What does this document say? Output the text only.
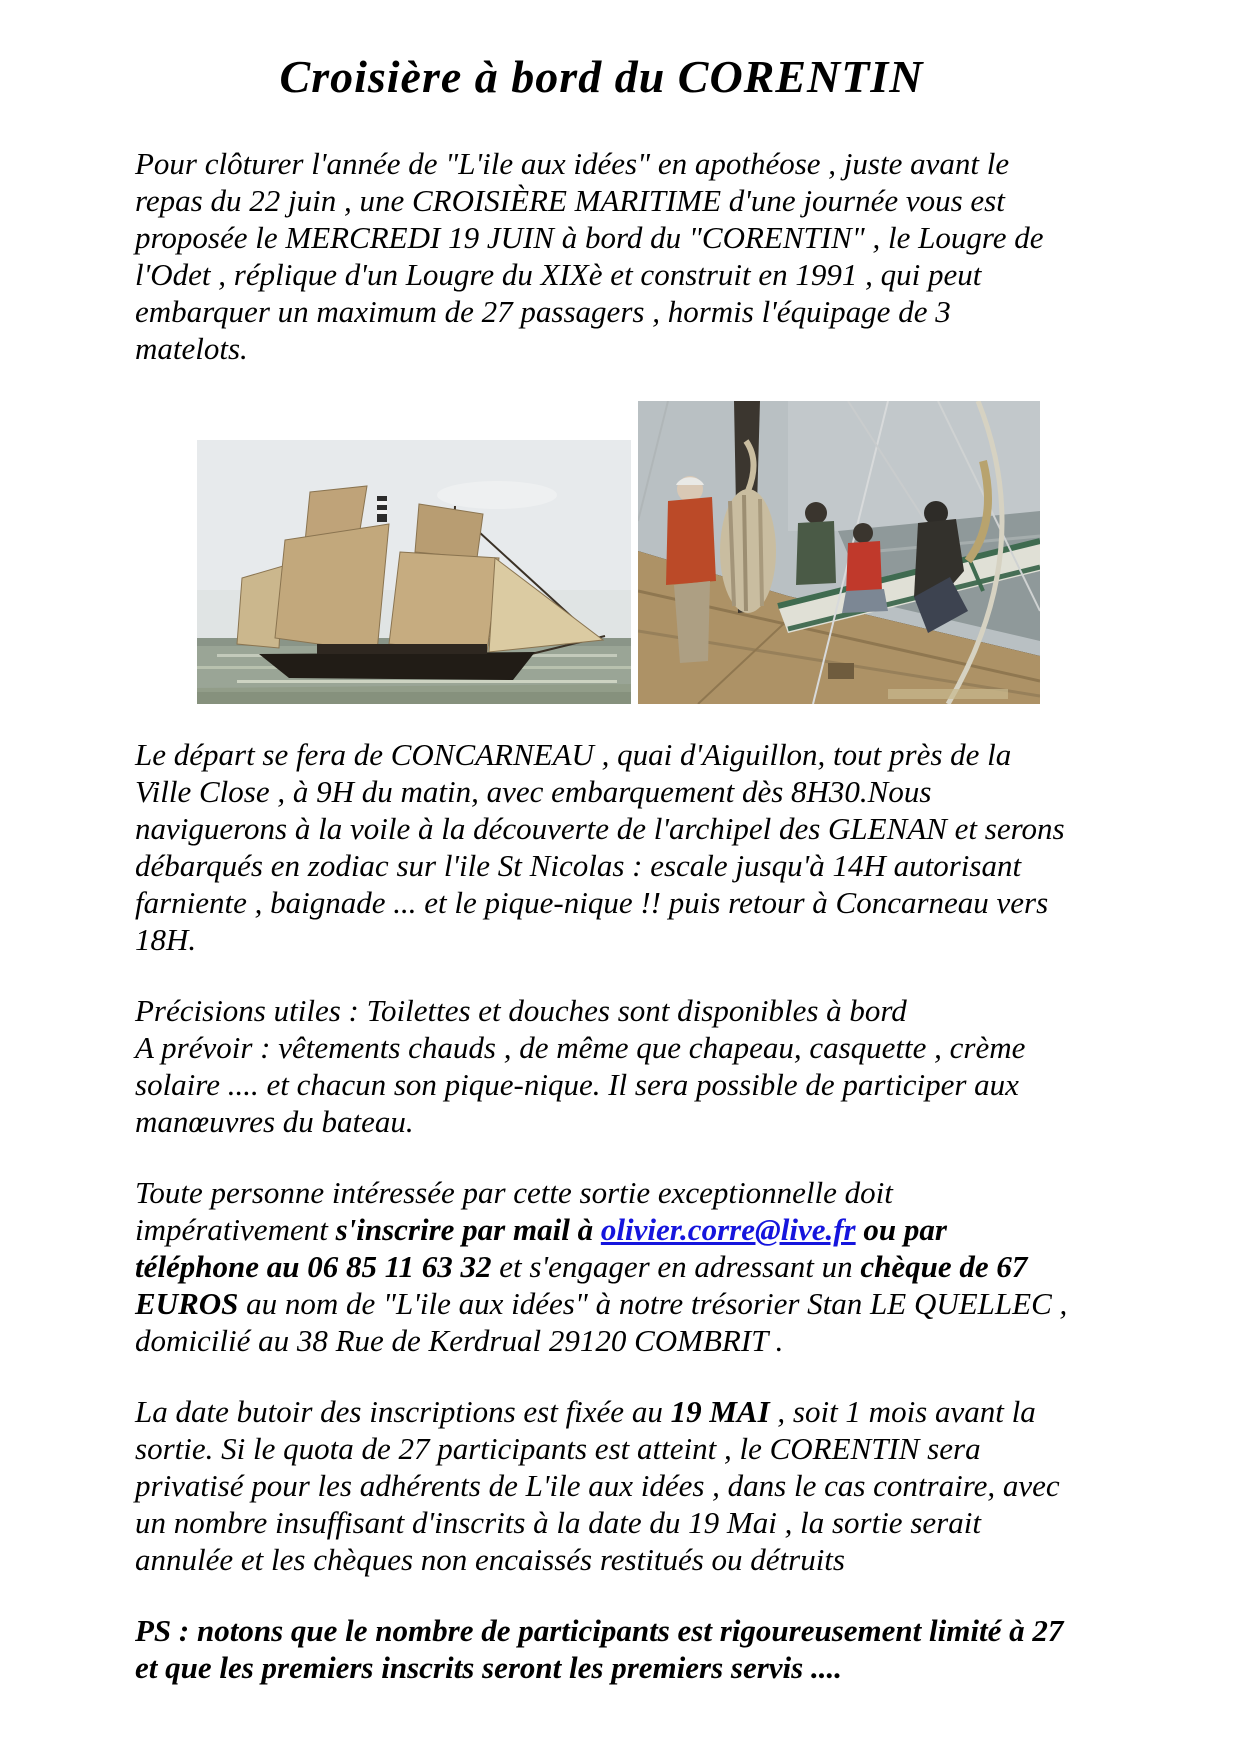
Croisière à bord du CORENTIN

Pour clôturer l'année de "L'ile aux idées" en apothéose , juste avant le repas du 22 juin , une CROISIÈRE MARITIME d'une journée vous est proposée le MERCREDI 19 JUIN à bord du "CORENTIN" , le Lougre de l'Odet , réplique d'un Lougre du XIXè et construit en 1991 , qui peut embarquer un maximum de 27 passagers , hormis l'équipage de 3 matelots.

Le départ se fera de CONCARNEAU , quai d'Aiguillon, tout près de la Ville Close , à 9H du matin, avec embarquement dès 8H30.Nous naviguerons à la voile à la découverte de l'archipel des GLENAN et serons débarqués en zodiac sur l'ile St Nicolas : escale jusqu'à 14H autorisant farniente , baignade ... et le pique-nique !! puis retour à Concarneau vers 18H.

Précisions utiles : Toilettes et douches sont disponibles à bord
A prévoir : vêtements chauds , de même que chapeau, casquette , crème solaire .... et chacun son pique-nique. Il sera possible de participer aux manœuvres du bateau.

Toute personne intéressée par cette sortie exceptionnelle doit impérativement s'inscrire par mail à olivier.corre@live.fr ou par téléphone au 06 85 11 63 32 et s'engager en adressant un chèque de 67 EUROS au nom de "L'ile aux idées" à notre trésorier Stan LE QUELLEC , domicilié au 38 Rue de Kerdrual 29120 COMBRIT .

La date butoir des inscriptions est fixée au 19 MAI , soit 1 mois avant la sortie. Si le quota de 27 participants est atteint , le CORENTIN sera privatisé pour les adhérents de L'ile aux idées , dans le cas contraire, avec un nombre insuffisant d'inscrits à la date du 19 Mai , la sortie serait annulée et les chèques non encaissés restitués ou détruits

PS : notons que le nombre de participants est rigoureusement limité à 27 et que les premiers inscrits seront les premiers servis ....
